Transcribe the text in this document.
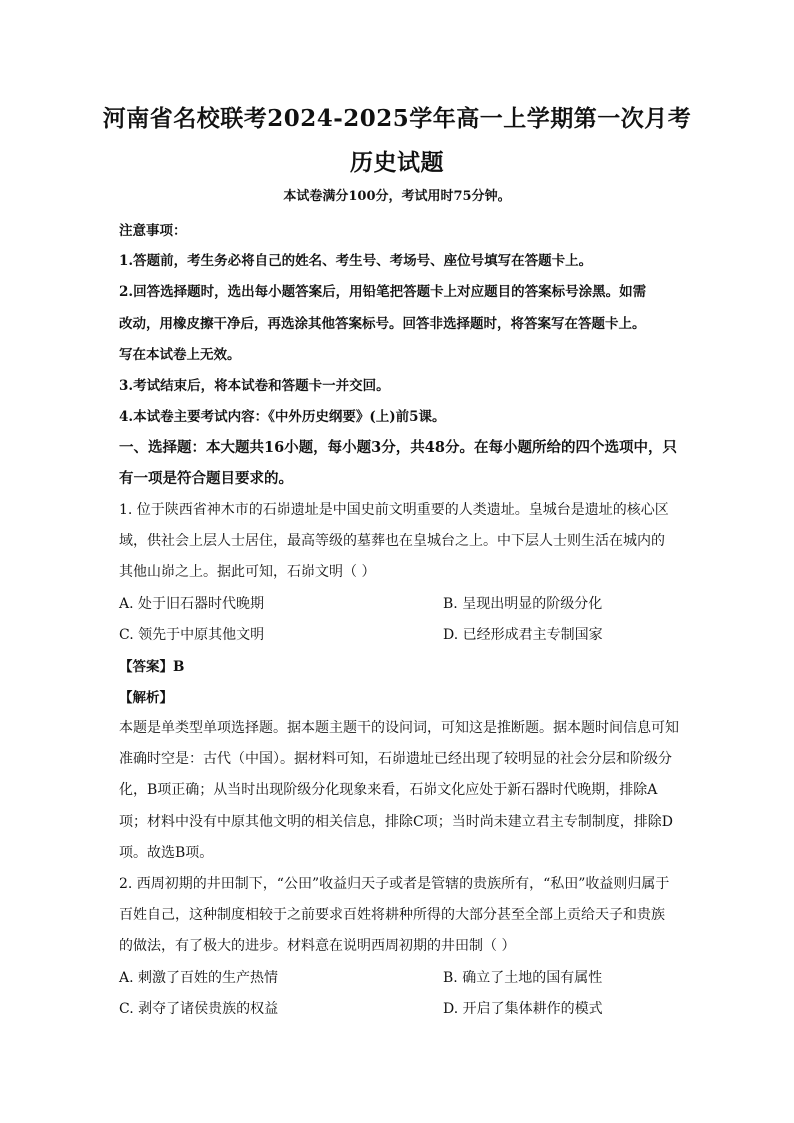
河南省名校联考2024-2025学年高一上学期第一次月考
历史试题
本试卷满分100分，考试用时75分钟。
注意事项：
1.答题前，考生务必将自己的姓名、考生号、考场号、座位号填写在答题卡上。
2.回答选择题时，选出每小题答案后，用铅笔把答题卡上对应题目的答案标号涂黑。如需
改动，用橡皮擦干净后，再选涂其他答案标号。回答非选择题时，将答案写在答题卡上。
写在本试卷上无效。
3.考试结束后，将本试卷和答题卡一并交回。
4.本试卷主要考试内容：《中外历史纲要》(上)前5课。
一、选择题：本大题共16小题，每小题3分，共48分。在每小题所给的四个选项中，只
有一项是符合题目要求的。
1. 位于陕西省神木市的石峁遗址是中国史前文明重要的人类遗址。皇城台是遗址的核心区
域，供社会上层人士居住，最高等级的墓葬也在皇城台之上。中下层人士则生活在城内的
其他山峁之上。据此可知，石峁文明（ ）
A. 处于旧石器时代晚期	B. 呈现出明显的阶级分化
C. 领先于中原其他文明	D. 已经形成君主专制国家
【答案】B
【解析】
本题是单类型单项选择题。据本题主题干的设问词，可知这是推断题。据本题时间信息可知
准确时空是：古代（中国）。据材料可知，石峁遗址已经出现了较明显的社会分层和阶级分
化，B项正确；从当时出现阶级分化现象来看，石峁文化应处于新石器时代晚期，排除A
项；材料中没有中原其他文明的相关信息，排除C项；当时尚未建立君主专制制度，排除D
项。故选B项。
2. 西周初期的井田制下，“公田”收益归天子或者是管辖的贵族所有，“私田”收益则归属于
百姓自己，这种制度相较于之前要求百姓将耕种所得的大部分甚至全部上贡给天子和贵族
的做法，有了极大的进步。材料意在说明西周初期的井田制（ ）
A. 刺激了百姓的生产热情	B. 确立了土地的国有属性
C. 剥夺了诸侯贵族的权益	D. 开启了集体耕作的模式
